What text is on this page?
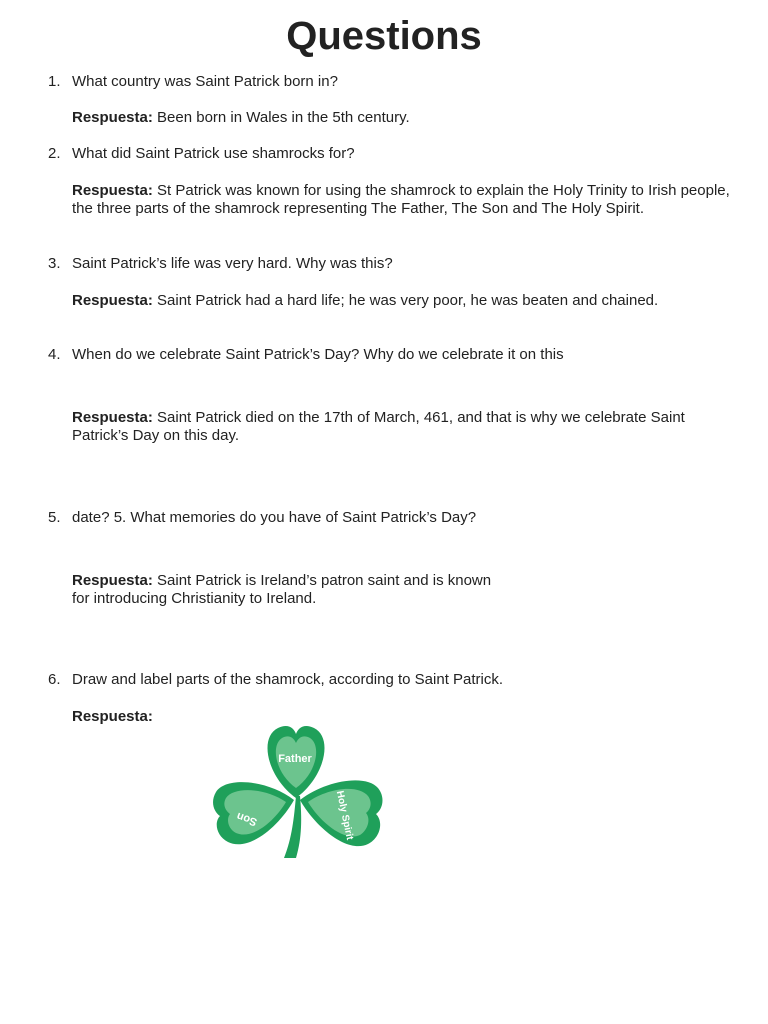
Questions
1. What country was Saint Patrick born in?
Respuesta: Been born in Wales in the 5th century.
2. What did Saint Patrick use shamrocks for?
Respuesta: St Patrick was known for using the shamrock to explain the Holy Trinity to Irish people, the three parts of the shamrock representing The Father, The Son and The Holy Spirit.
3. Saint Patrick’s life was very hard. Why was this?
Respuesta: Saint Patrick had a hard life; he was very poor, he was beaten and chained.
4. When do we celebrate Saint Patrick’s Day? Why do we celebrate it on this
Respuesta: Saint Patrick died on the 17th of March, 461, and that is why we celebrate Saint Patrick’s Day on this day.
5. date? 5. What memories do you have of Saint Patrick’s Day?
Respuesta: Saint Patrick is Ireland’s patron saint and is known
for introducing Christianity to Ireland.
6. Draw and label parts of the shamrock, according to Saint Patrick.
Respuesta:
Father
Son	Holy Spirit
